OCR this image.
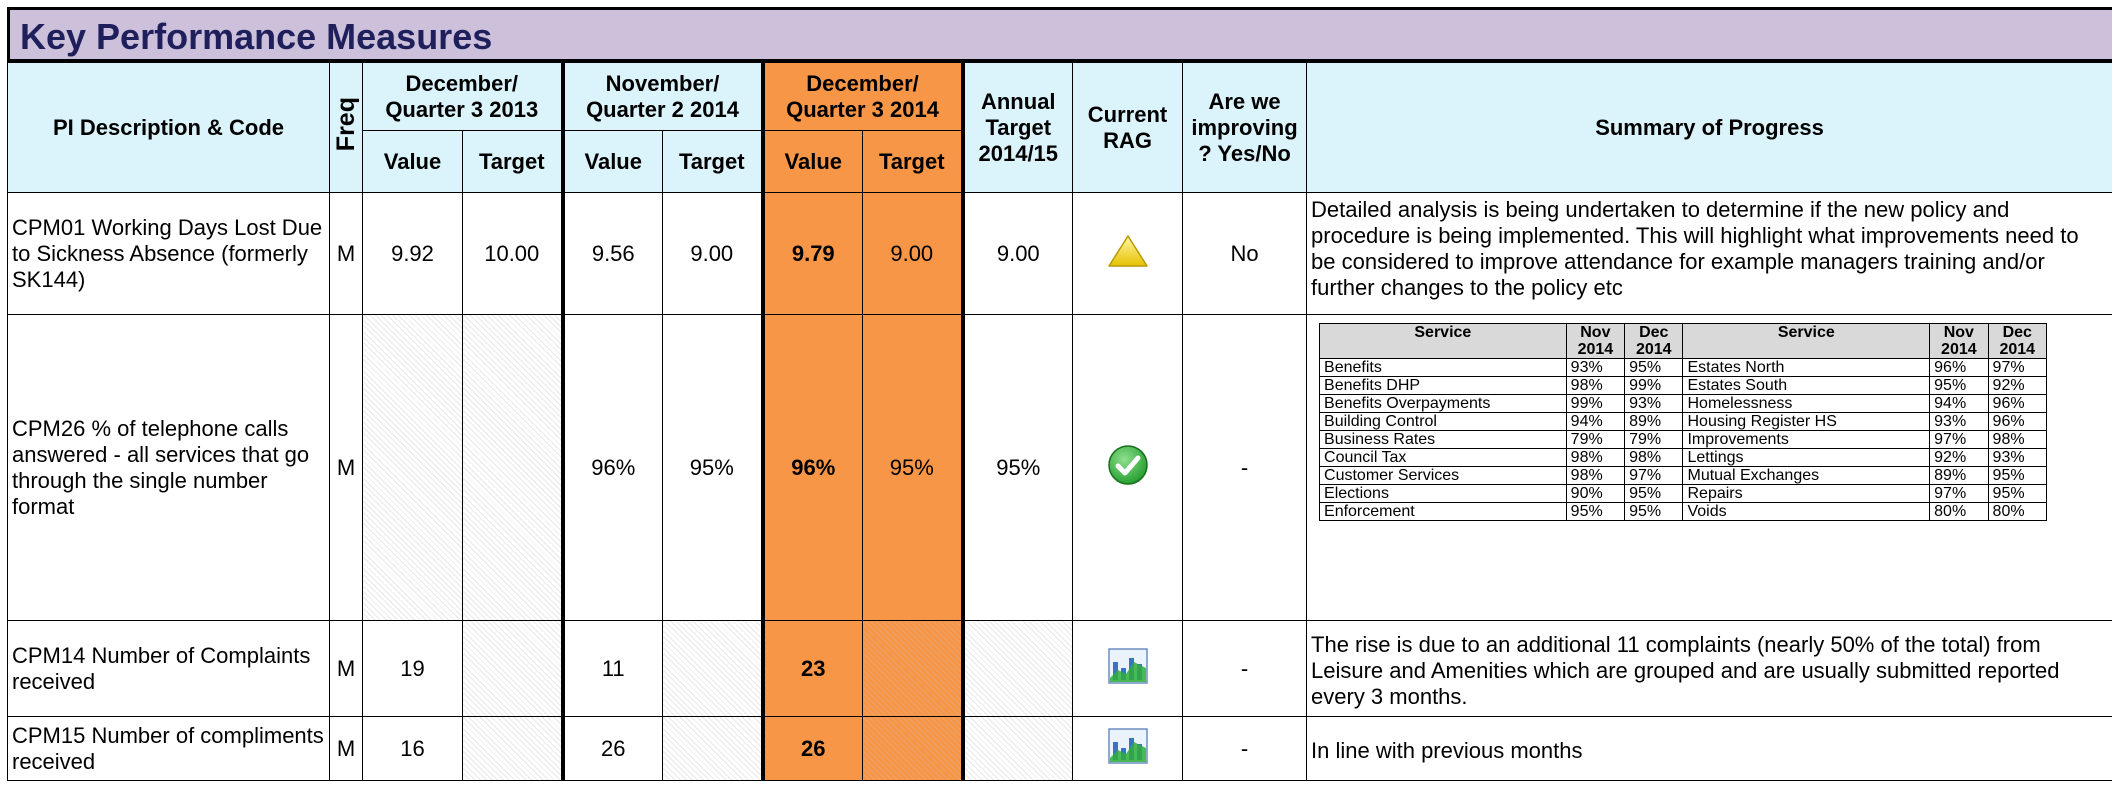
Key Performance Measures
PI Description & Code	Freq	December/ Quarter 3 2013	November/ Quarter 2 2014	December/ Quarter 3 2014	Annual Target 2014/15	Current RAG	Are we improving ? Yes/No	Summary of Progress
Value	Target	Value	Target	Value	Target
CPM01 Working Days Lost Due to Sickness Absence (formerly SK144)	M	9.92	10.00	9.56	9.00	9.79	9.00	9.00		No	Detailed analysis is being undertaken to determine if the new policy and procedure is being implemented. This will highlight what improvements need to be considered to improve attendance for example managers training and/or further changes to the policy etc
CPM26 % of telephone calls answered - all services that go through the single number format	M			96%	95%	96%	95%	95%		-	
Service	Nov 2014	Dec 2014	Service	Nov 2014	Dec 2014
Benefits	93%	95%	Estates North	96%	97%
Benefits DHP	98%	99%	Estates South	95%	92%
Benefits Overpayments	99%	93%	Homelessness	94%	96%
Building Control	94%	89%	Housing Register HS	93%	96%
Business Rates	79%	79%	Improvements	97%	98%
Council Tax	98%	98%	Lettings	92%	93%
Customer Services	98%	97%	Mutual Exchanges	89%	95%
Elections	90%	95%	Repairs	97%	95%
Enforcement	95%	95%	Voids	80%	80%

CPM14 Number of Complaints received	M	19		11		23				-	The rise is due to an additional 11 complaints (nearly 50% of the total) from Leisure and Amenities which are grouped and are usually submitted reported every 3 months.
CPM15 Number of compliments received	M	16		26		26				-	In line with previous months
